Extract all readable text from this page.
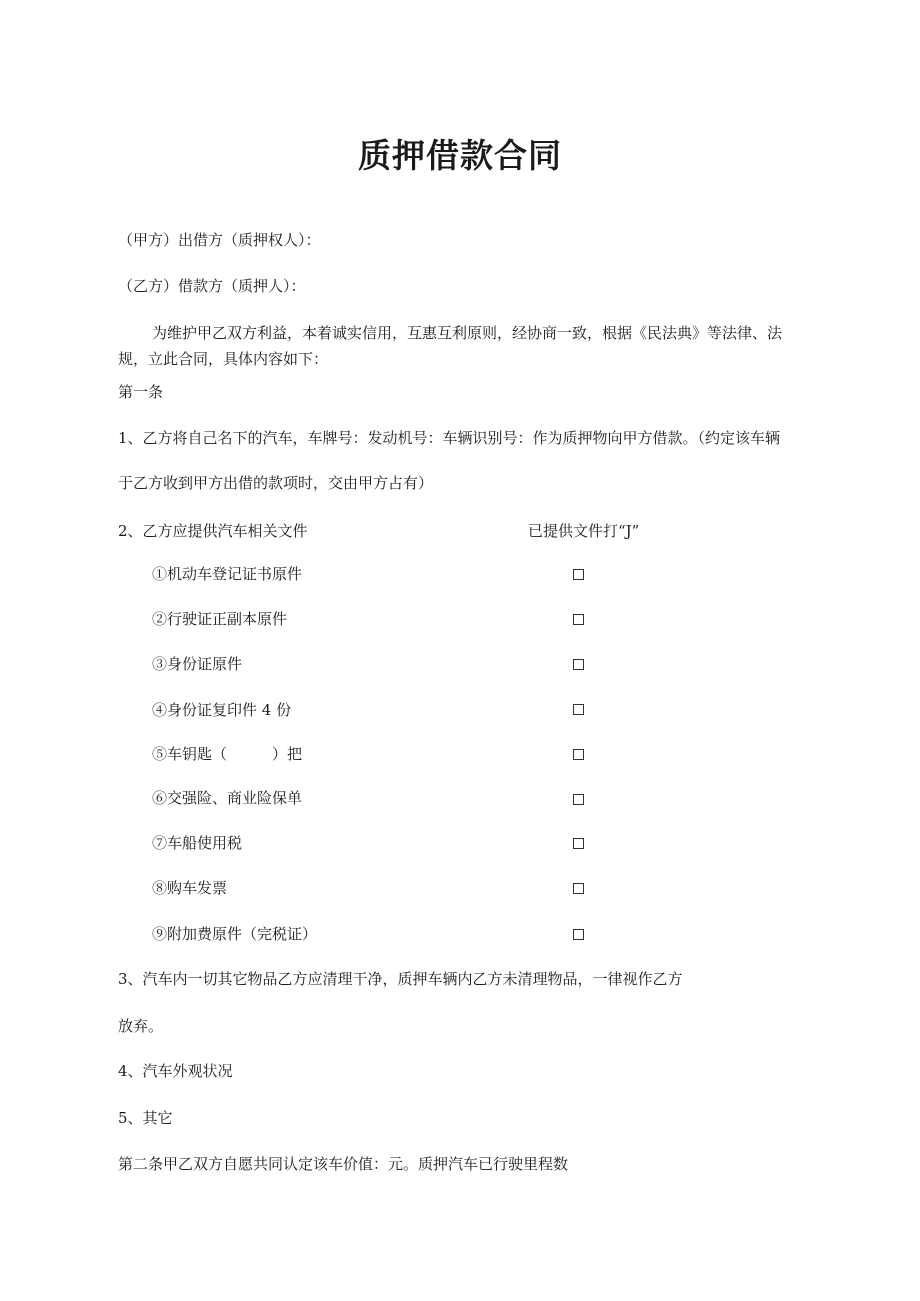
质押借款合同
（甲方）出借方（质押权人）：
（乙方）借款方（质押人）：
为维护甲乙双方利益，本着诚实信用，互惠互利原则，经协商一致，根据《民法典》等法律、法规，立此合同，具体内容如下：
第一条
1、乙方将自己名下的汽车，车牌号：发动机号：车辆识别号：作为质押物向甲方借款。（约定该车辆
于乙方收到甲方出借的款项时，交由甲方占有）
2、乙方应提供汽车相关文件	已提供文件打“J”
①机动车登记证书原件
②行驶证正副本原件
③身份证原件
④身份证复印件 4 份
⑤车钥匙（　　　）把
⑥交强险、商业险保单
⑦车船使用税
⑧购车发票
⑨附加费原件（完税证）
3、汽车内一切其它物品乙方应清理干净，质押车辆内乙方未清理物品，一律视作乙方
放弃。
4、汽车外观状况
5、其它
第二条甲乙双方自愿共同认定该车价值：元。质押汽车已行驶里程数
